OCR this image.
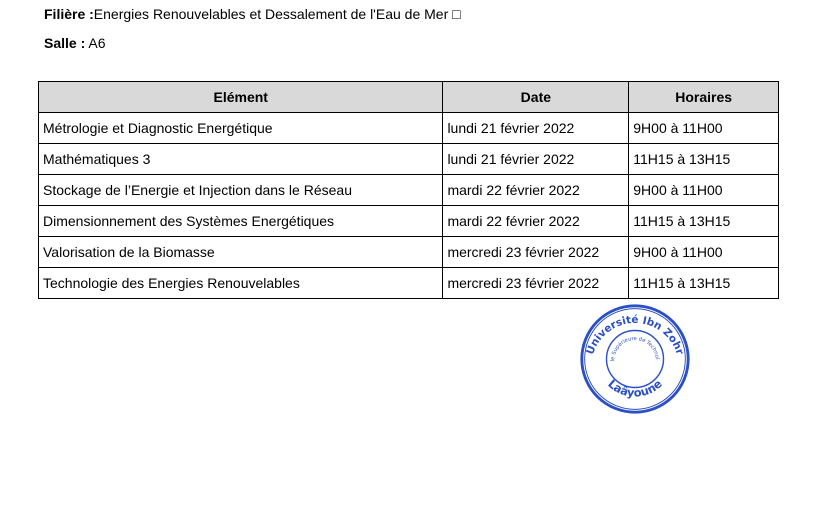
Filière :Energies Renouvelables et Dessalement de l'Eau de Mer □
Salle : A6
Elément	Date	Horaires
Métrologie et Diagnostic Energétique	lundi 21 février 2022	9H00 à 11H00
Mathématiques 3	lundi 21 février 2022	11H15 à 13H15
Stockage de l’Energie et Injection dans le Réseau	mardi 22 février 2022	9H00 à 11H00
Dimensionnement des Systèmes Energétiques	mardi 22 février 2022	11H15 à 13H15
Valorisation de la Biomasse	mercredi 23 février 2022	9H00 à 11H00
Technologie des Energies Renouvelables	mercredi 23 février 2022	11H15 à 13H15
Université Ibn Zohr
le Supérieure de Technol
Laâyoune
